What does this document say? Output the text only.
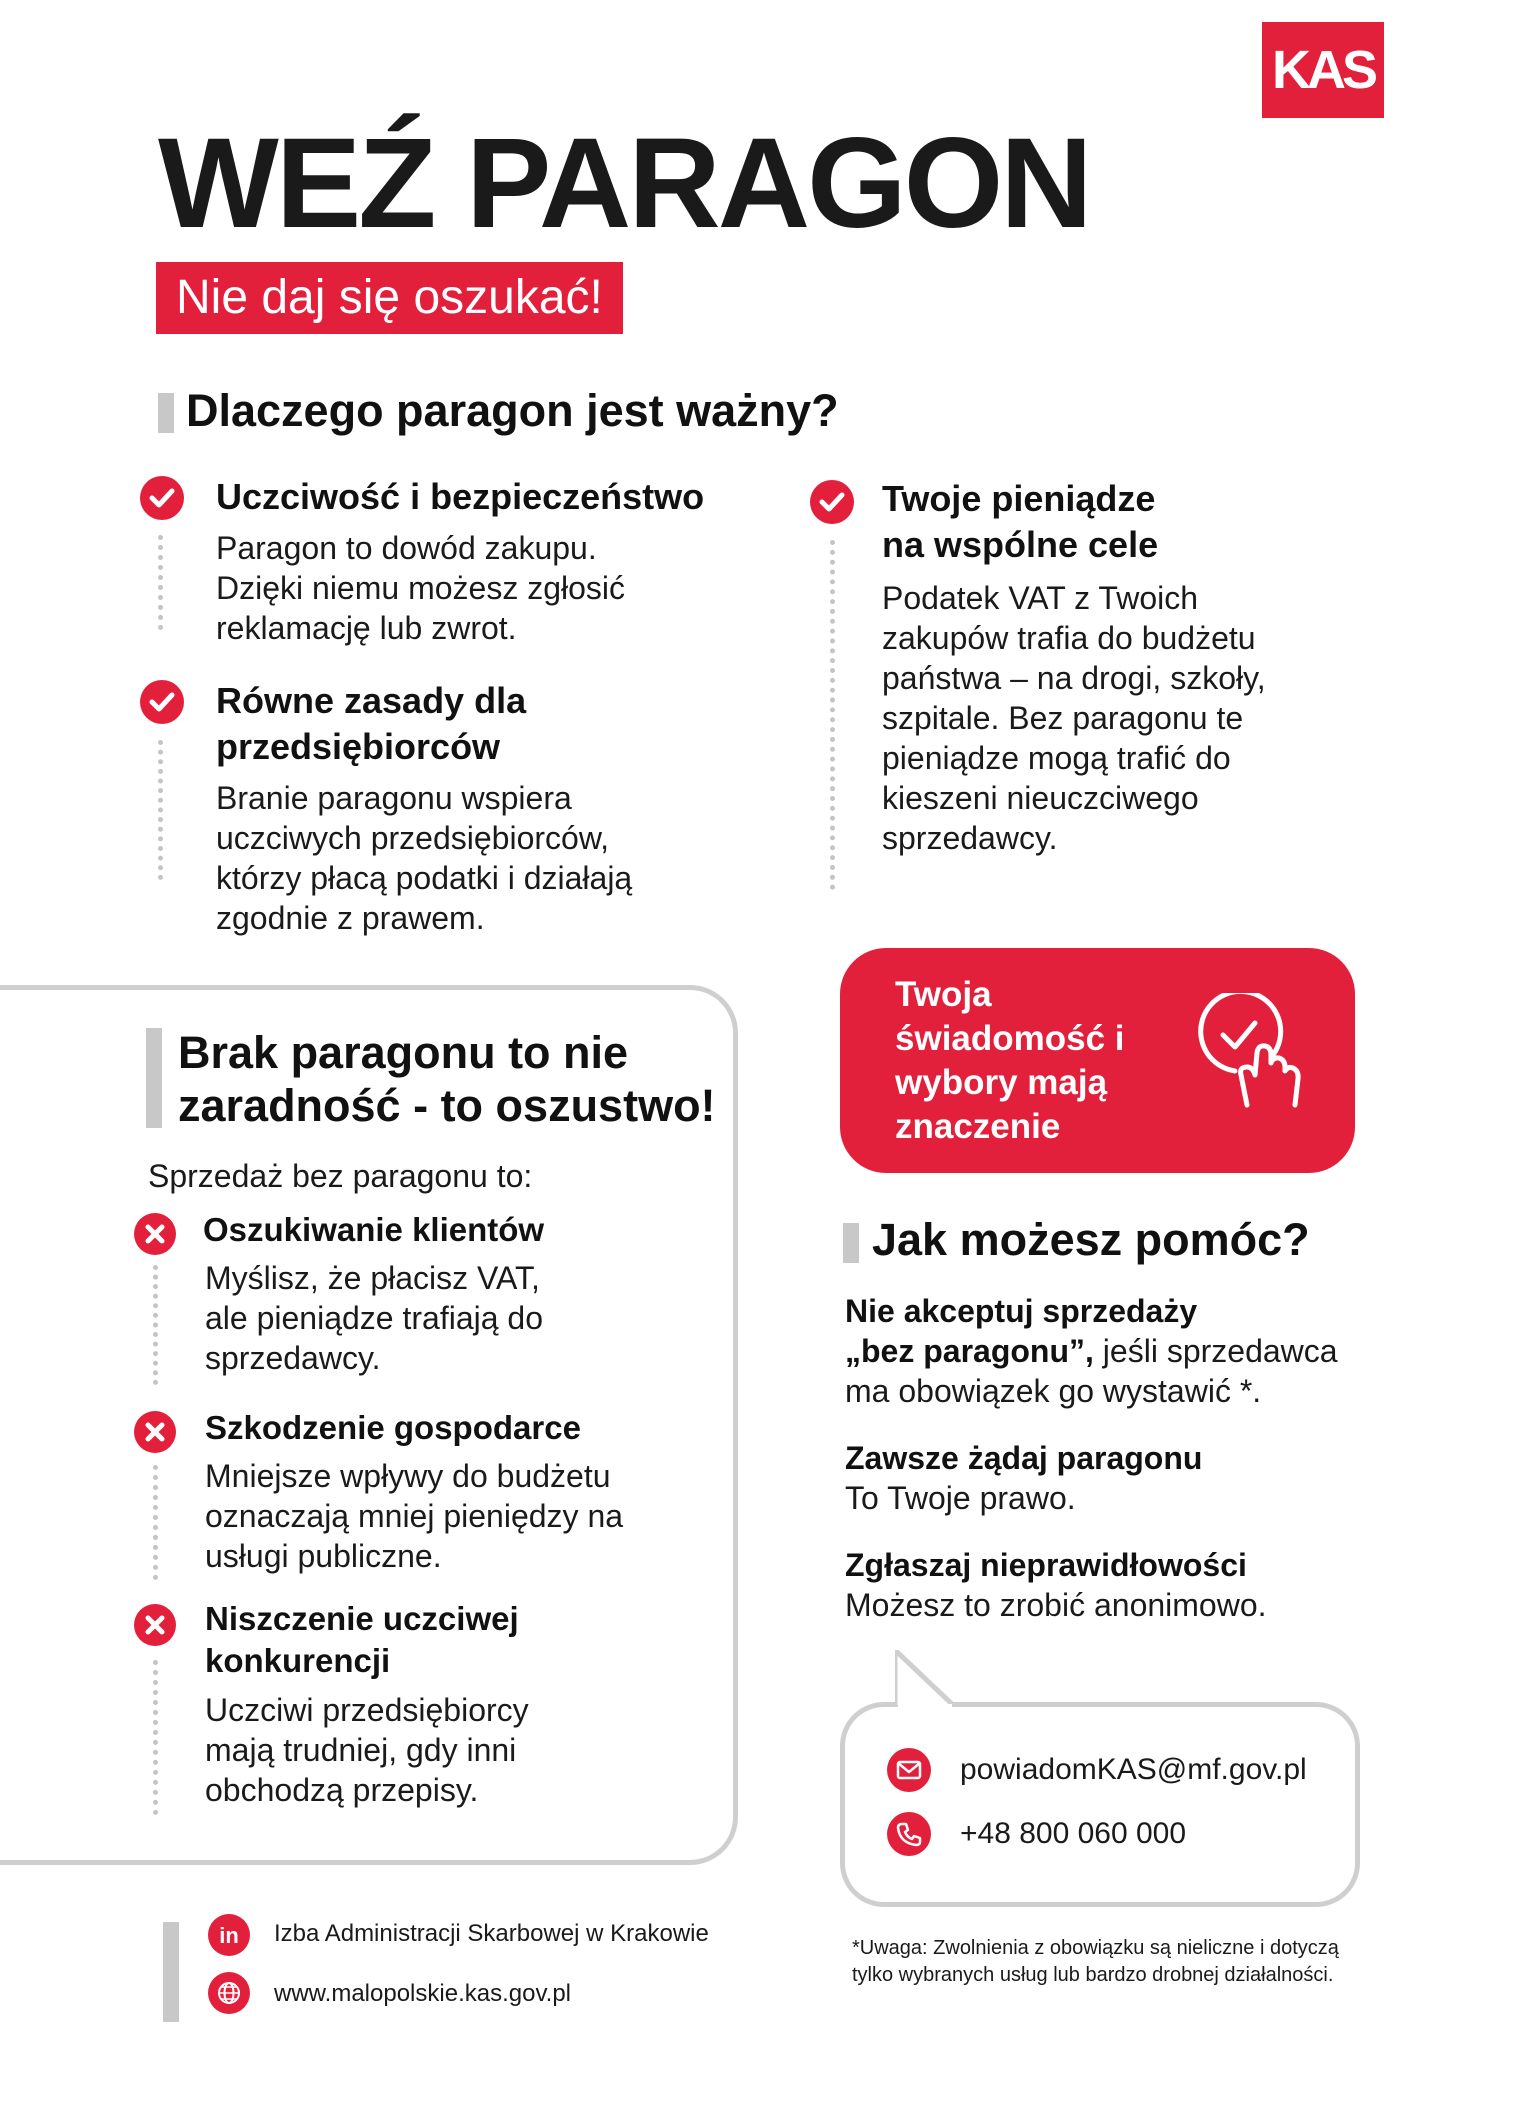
KAS
WEŹ PARAGON
Nie daj się oszukać!
Dlaczego paragon jest ważny?
Uczciwość i bezpieczeństwo
Paragon to dowód zakupu. Dzięki niemu możesz zgłosić reklamację lub zwrot.
Równe zasady dla przedsiębiorców
Branie paragonu wspiera uczciwych przedsiębiorców, którzy płacą podatki i działają zgodnie z prawem.
Twoje pieniądze na wspólne cele
Podatek VAT z Twoich zakupów trafia do budżetu państwa – na drogi, szkoły, szpitale. Bez paragonu te pieniądze mogą trafić do kieszeni nieuczciwego sprzedawcy.
Brak paragonu to nie zaradność - to oszustwo!
Sprzedaż bez paragonu to:
Oszukiwanie klientów
Myślisz, że płacisz VAT, ale pieniądze trafiają do sprzedawcy.
Szkodzenie gospodarce
Mniejsze wpływy do budżetu oznaczają mniej pieniędzy na usługi publiczne.
Niszczenie uczciwej konkurencji
Uczciwi przedsiębiorcy mają trudniej, gdy inni obchodzą przepisy.
Twoja świadomość i wybory mają znaczenie
Jak możesz pomóc?
Nie akceptuj sprzedaży
„bez paragonu”, jeśli sprzedawca ma obowiązek go wystawić *.
Zawsze żądaj paragonu
To Twoje prawo.
Zgłaszaj nieprawidłowości
Możesz to zrobić anonimowo.
powiadomKAS@mf.gov.pl
+48 800 060 000
in Izba Administracji Skarbowej w Krakowie
www.malopolskie.kas.gov.pl
*Uwaga: Zwolnienia z obowiązku są nieliczne i dotyczą tylko wybranych usług lub bardzo drobnej działalności.
